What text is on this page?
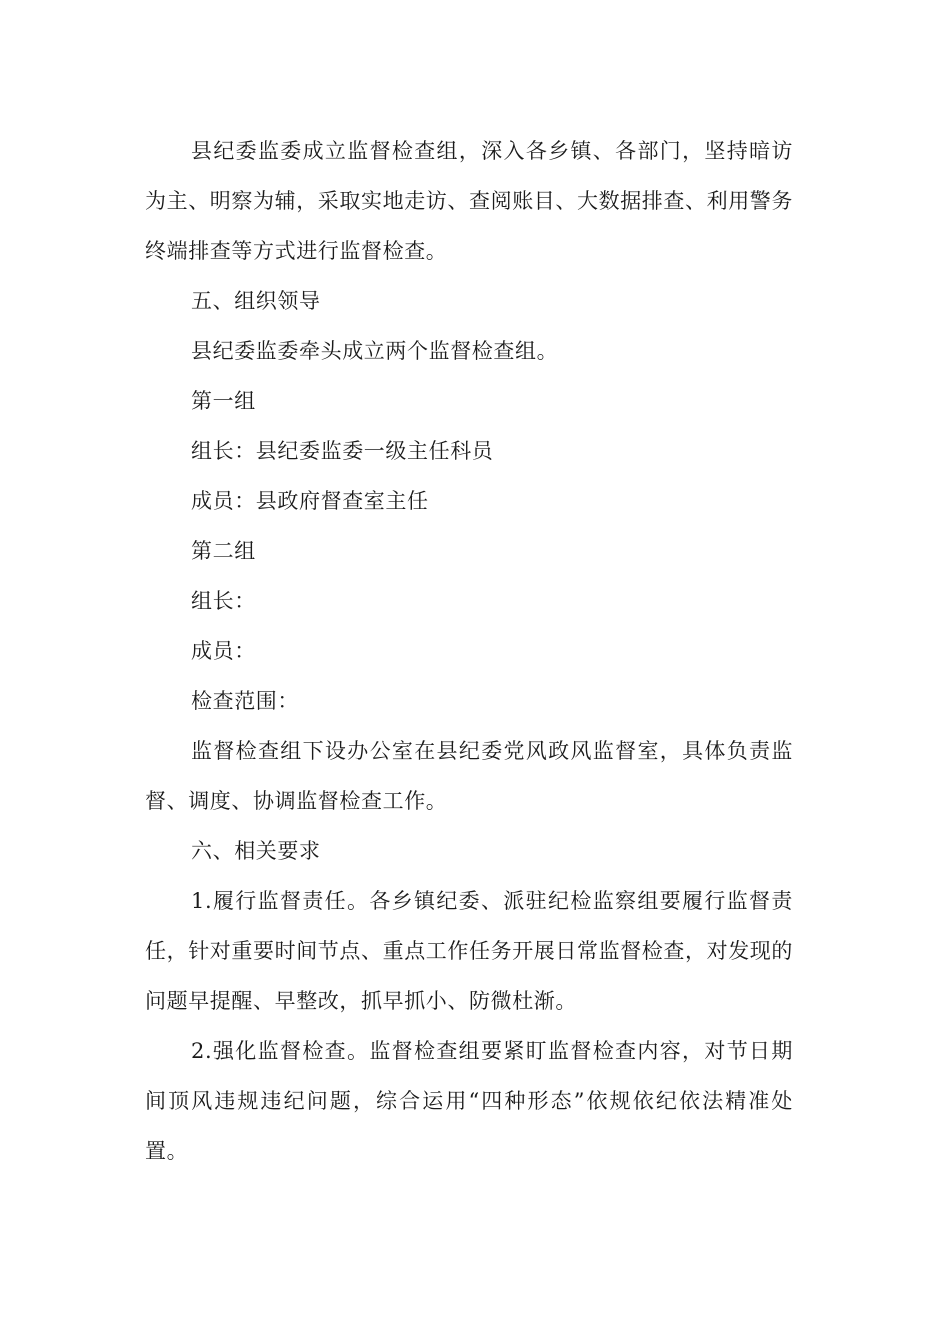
县纪委监委成立监督检查组，深入各乡镇、各部门，坚持暗访为主、明察为辅，采取实地走访、查阅账目、大数据排查、利用警务终端排查等方式进行监督检查。

五、组织领导

县纪委监委牵头成立两个监督检查组。

第一组

组长：县纪委监委一级主任科员

成员：县政府督查室主任

第二组

组长：

成员：

检查范围：

监督检查组下设办公室在县纪委党风政风监督室，具体负责监督、调度、协调监督检查工作。

六、相关要求

1.履行监督责任。各乡镇纪委、派驻纪检监察组要履行监督责任，针对重要时间节点、重点工作任务开展日常监督检查，对发现的问题早提醒、早整改，抓早抓小、防微杜渐。

2.强化监督检查。监督检查组要紧盯监督检查内容，对节日期间顶风违规违纪问题，综合运用“四种形态”依规依纪依法精准处置。
